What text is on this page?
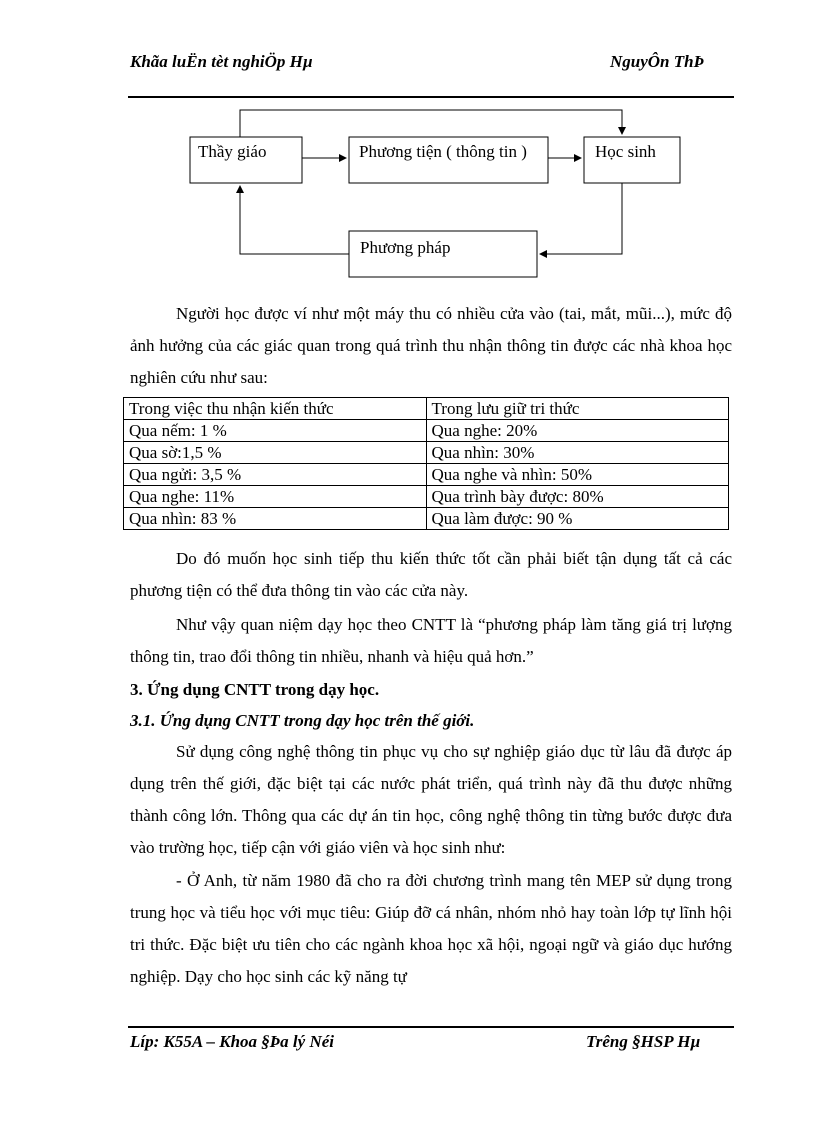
Khãa luËn tèt nghiÖp Hµ	NguyÔn ThÞ
Thầy giáo	Phương tiện ( thông tin )	Học sinh
Phương pháp
Người học được ví như một máy thu có nhiều cửa vào (tai, mắt, mũi...), mức độ ảnh hưởng của các giác quan trong quá trình thu nhận thông tin được các nhà khoa học nghiên cứu như sau:
Trong việc thu nhận kiến thức	Trong lưu giữ tri thức
Qua nếm: 1 %	Qua nghe: 20%
Qua sờ:1,5 %	Qua nhìn: 30%
Qua ngửi: 3,5 %	Qua nghe và nhìn: 50%
Qua nghe: 11%	Qua trình bày được: 80%
Qua nhìn: 83 %	Qua làm được: 90 %
Do đó muốn học sinh tiếp thu kiến thức tốt cần phải biết tận dụng tất cả các phương tiện có thể đưa thông tin vào các cửa này.
Như vậy quan niệm dạy học theo CNTT là “phương pháp làm tăng giá trị lượng thông tin, trao đổi thông tin nhiều, nhanh và hiệu quả hơn.”
3. Ứng dụng CNTT trong dạy học.
3.1. Ứng dụng CNTT trong dạy học trên thế giới.
Sử dụng công nghệ thông tin phục vụ cho sự nghiệp giáo dục từ lâu đã được áp dụng trên thế giới, đặc biệt tại các nước phát triển, quá trình này đã thu được những thành công lớn. Thông qua các dự án tin học, công nghệ thông tin từng bước được đưa vào trường học, tiếp cận với giáo viên và học sinh như:
- Ở Anh, từ năm 1980 đã cho ra đời chương trình mang tên MEP sử dụng trong trung học và tiểu học với mục tiêu: Giúp đỡ cá nhân, nhóm nhỏ hay toàn lớp tự lĩnh hội tri thức. Đặc biệt ưu tiên cho các ngành khoa học xã hội, ngoại ngữ và giáo dục hướng nghiệp. Dạy cho học sinh các kỹ năng tự
Líp: K55A – Khoa §Þa lý Néi	Trêng §HSP Hµ
